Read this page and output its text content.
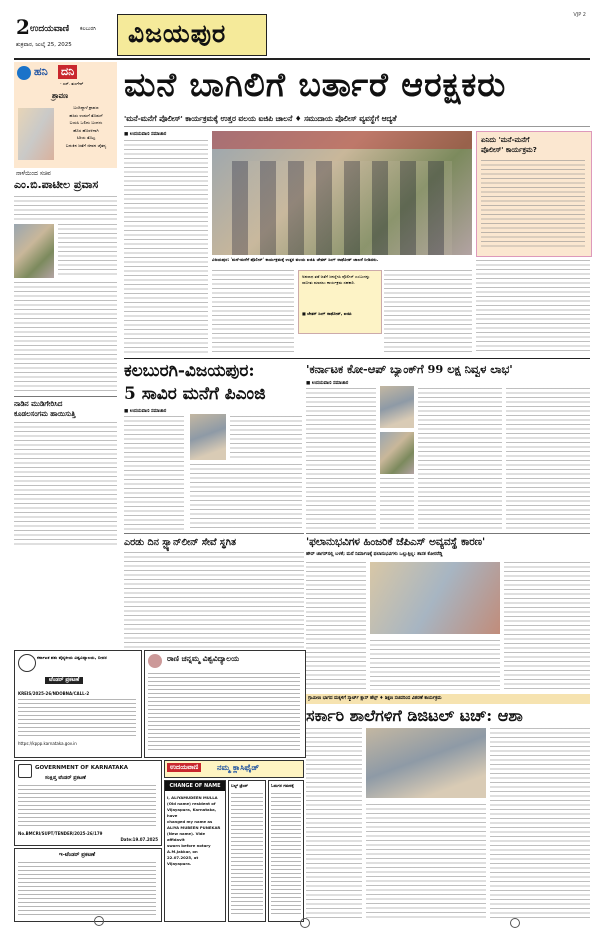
2 ಉದಯವಾಣಿ ಕಲಬುರಗಿ
ಶುಕ್ರವಾರ, ಜುಲೈ 25, 2025 ವಿಜಯಪುರ
VJP 2
ಹನಿ ದನಿ
- ಎಸ್. ತುಂಗೇರ್
ಶ್ರಾವಣ
ಬಂದಿದ್ದಾಳೆ ಶ್ರಾವಣ
ಹಸಿರು ಉಡುಗೆ ತೊಡುಗೆ
ಬಯಸಿ ಒಲಿದು ಬಂದಳು
ಹೊಸ ಹೊರಳಿಗಾಗಿ
ಸಿರಿಯ ತೊಟ್ಟ
ಬದುಕಿನ ಜತೆಗೆ ಜೀವನ ಚೈತನ್ಯ
ನಾಳೆಯಿಂದ ಸಚಿವ
ಎಂ.ಬಿ.ಪಾಟೀಲ ಪ್ರವಾಸ
ನಾಡಿನ ಮುಡಿಗೇರಿಸಿದ
ಕೂಡಲಸಂಗಮ ಹಾಯಿಸುತ್ತಿ
ಮನೆ ಬಾಗಿಲಿಗೆ ಬರ್ತಾರೆ ಆರಕ್ಷಕರು
'ಮನೆ-ಮನೆಗೆ ಪೊಲೀಸ್' ಕಾರ್ಯಕ್ರಮಕ್ಕೆ ಉತ್ತರ ವಲಯ ಐಜಿಪಿ ಚಾಲನೆ ♦ ಸಮುದಾಯ ಪೊಲೀಸ್ ವ್ಯವಸ್ಥೆಗೆ ಆದ್ಯತೆ
■ ಉದಯವಾಣಿ ಸಮಾಚಾರ
ವಿಜಯಪುರ: 'ಮನೆ-ಮನೆಗೆ ಪೊಲೀಸ್' ಕಾರ್ಯಕ್ರಮಕ್ಕೆ ಉತ್ತರ ವಲಯ ಐಜಿಪಿ ಚೇತನ್ ಸಿಂಗ್ ರಾಥೋಡ್ ಚಾಲನೆ ನೀಡಿದರು.
ಅಪರಾಧ ತಡೆ ಜತೆಗೆ ಜನಸ್ನೇಹಿ ಪೊಲೀಸ್ ಎಂಬುದನ್ನು ಸಾಬೀತು ಮಾಡಲು ಕಾರ್ಯಕ್ರಮ ಸಹಕಾರಿ.
■ ಚೇತನ್ ಸಿಂಗ್ ರಾಥೋಡ್, ಐಜಿಪಿ
ಏನಿದು 'ಮನೆ-ಮನೆಗೆ
ಪೊಲೀಸ್' ಕಾರ್ಯಕ್ರಮ?
ಕಲಬುರಗಿ-ವಿಜಯಪುರ:
5 ಸಾವಿರ ಮನೆಗೆ ಪಿಎಂಜಿ
■ ಉದಯವಾಣಿ ಸಮಾಚಾರ
'ಕರ್ನಾಟಕ ಕೋ-ಆಪ್ ಬ್ಯಾಂಕ್‌ಗೆ 99 ಲಕ್ಷ ನಿವ್ವಳ ಲಾಭ'
■ ಉದಯವಾಣಿ ಸಮಾಚಾರ
ಎರಡು ದಿನ ಸ್ಟ್ಯಾನ್‌ಲೀನ್ ಸೇವೆ ಸ್ಥಗಿತ	'ಫಲಾನುಭವಿಗಳ ಹಿಂಜರಿಕೆ ಜೆಪಿಎಸ್ ಅವ್ಯವಸ್ಥೆ ಕಾರಣ'
ಹೌಸ್ ಚಾಗರ್‌ನಲ್ಲಿ ಬಳಕೆ; ಮನೆ ನಿರ್ಮಾಣಕ್ಕೆ ಫಲಾನುಭವಿಗಳು ಒಲ್ಲುತ್ತಿಲ್ಲ: ಶಾಸಕ ಕೋನರೆಡ್ಡಿ
ಕರ್ನಾಟಕ ಪಶು ವೈದ್ಯಕೀಯ ವಿಶ್ವವಿದ್ಯಾಲಯ, ಬೀದರ
ಟೆಂಡರ್ ಪ್ರಕಟಣೆ
KREIS/2025-26/NDOBNA/CALL-2
https://kppp.karnataka.gov.in
ರಾಣಿ ಚನ್ನಮ್ಮ ವಿಶ್ವವಿದ್ಯಾಲಯ
ಗ್ರಾಮೀಣ ಭಾಗದ ಮಕ್ಕಳಿಗೆ ಸ್ಮಾರ್ಟ್ ಕ್ಲಾಸ್ ಹೆಲ್ಪ್ ♦ ಶಿಕ್ಷಣ ಸಚಿವರಿಂದ ವಿತರಣೆ ಕಾರ್ಯಕ್ರಮ
ಸರ್ಕಾರಿ ಶಾಲೆಗಳಿಗೆ ಡಿಜಿಟಲ್ ಟಚ್: ಆಶಾ
GOVERNMENT OF KARNATAKA
ಸಂಕ್ಷಿಪ್ತ ಟೆಂಡರ್ ಪ್ರಕಟಣೆ
No.BMCRI/SUPT/TENDER/2025-26/179
Date:19.07.2025
ಇ-ಟೆಂಡರ್ ಪ್ರಕಟಣೆ
ಉದಯವಾಣಿ	ನಮ್ಮ ಕ್ಲಾಸಿಫೈಡ್
CHANGE OF NAME
I, ALIYAMUDEEN MULLA
(Old name) resident of
Vijayapura, Karnataka, have
changed my name as
ALIYA MUBEEN PUNEKAR
(New name). Vide affidavit
sworn before notary
A.M.Jakkar, on
22.07.2025, at Vijayapura.
ಬಲ್ಡ್ ಟ್ರೆಂಡ್	ಓದುಗರ ಗಮನಕ್ಕೆ
